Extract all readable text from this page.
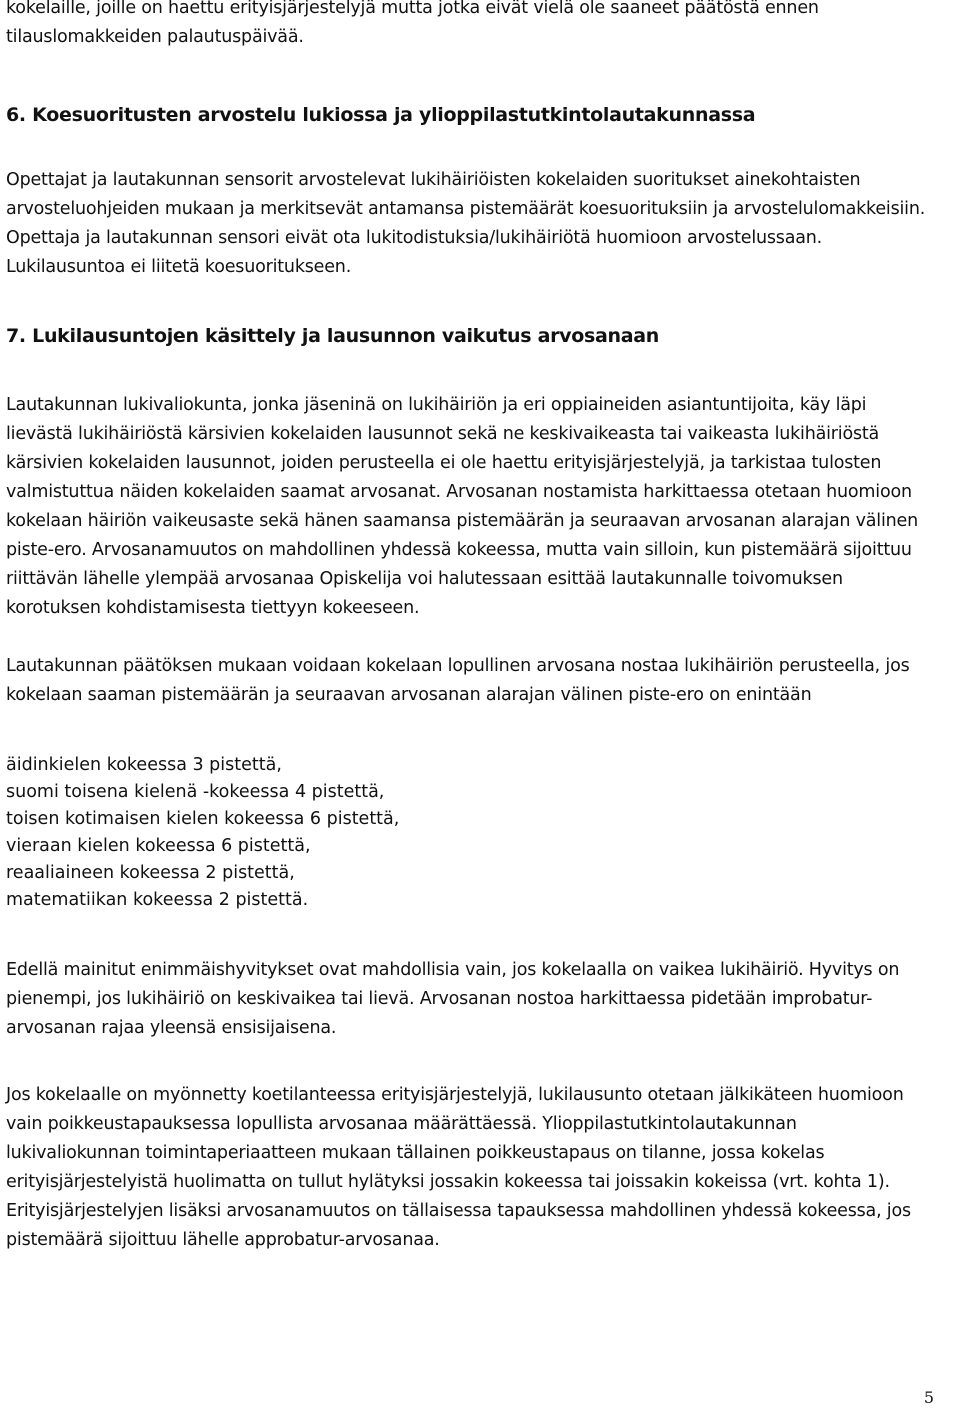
kokelaille, joille on haettu erityisjärjestelyjä mutta jotka eivät vielä ole saaneet päätöstä ennen tilauslomakkeiden palautuspäivää.

6. Koesuoritusten arvostelu lukiossa ja ylioppilastutkintolautakunnassa

Opettajat ja lautakunnan sensorit arvostelevat lukihäiriöisten kokelaiden suoritukset ainekohtaisten arvosteluohjeiden mukaan ja merkitsevät antamansa pistemäärät koesuorituksiin ja arvostelulomakkeisiin. Opettaja ja lautakunnan sensori eivät ota lukitodistuksia/lukihäiriötä huomioon arvostelussaan. Lukilausuntoa ei liitetä koesuoritukseen.

7. Lukilausuntojen käsittely ja lausunnon vaikutus arvosanaan

Lautakunnan lukivaliokunta, jonka jäseninä on lukihäiriön ja eri oppiaineiden asiantuntijoita, käy läpi lievästä lukihäiriöstä kärsivien kokelaiden lausunnot sekä ne keskivaikeasta tai vaikeasta lukihäiriöstä kärsivien kokelaiden lausunnot, joiden perusteella ei ole haettu erityisjärjestelyjä, ja tarkistaa tulosten valmistuttua näiden kokelaiden saamat arvosanat. Arvosanan nostamista harkittaessa otetaan huomioon kokelaan häiriön vaikeusaste sekä hänen saamansa pistemäärän ja seuraavan arvosanan alarajan välinen piste-ero. Arvosanamuutos on mahdollinen yhdessä kokeessa, mutta vain silloin, kun pistemäärä sijoittuu riittävän lähelle ylempää arvosanaa Opiskelija voi halutessaan esittää lautakunnalle toivomuksen korotuksen kohdistamisesta tiettyyn kokeeseen.

Lautakunnan päätöksen mukaan voidaan kokelaan lopullinen arvosana nostaa lukihäiriön perusteella, jos kokelaan saaman pistemäärän ja seuraavan arvosanan alarajan välinen piste-ero on enintään

äidinkielen kokeessa 3 pistettä,
suomi toisena kielenä -kokeessa 4 pistettä,
toisen kotimaisen kielen kokeessa 6 pistettä,
vieraan kielen kokeessa 6 pistettä,
reaaliaineen kokeessa 2 pistettä,
matematiikan kokeessa 2 pistettä.

Edellä mainitut enimmäishyvitykset ovat mahdollisia vain, jos kokelaalla on vaikea lukihäiriö. Hyvitys on pienempi, jos lukihäiriö on keskivaikea tai lievä. Arvosanan nostoa harkittaessa pidetään improbatur-arvosanan rajaa yleensä ensisijaisena.

Jos kokelaalle on myönnetty koetilanteessa erityisjärjestelyjä, lukilausunto otetaan jälkikäteen huomioon vain poikkeustapauksessa lopullista arvosanaa määrättäessä. Ylioppilastutkintolautakunnan lukivaliokunnan toimintaperiaatteen mukaan tällainen poikkeustapaus on tilanne, jossa kokelas erityisjärjestelyistä huolimatta on tullut hylätyksi jossakin kokeessa tai joissakin kokeissa (vrt. kohta 1). Erityisjärjestelyjen lisäksi arvosanamuutos on tällaisessa tapauksessa mahdollinen yhdessä kokeessa, jos pistemäärä sijoittuu lähelle approbatur-arvosanaa.

5
